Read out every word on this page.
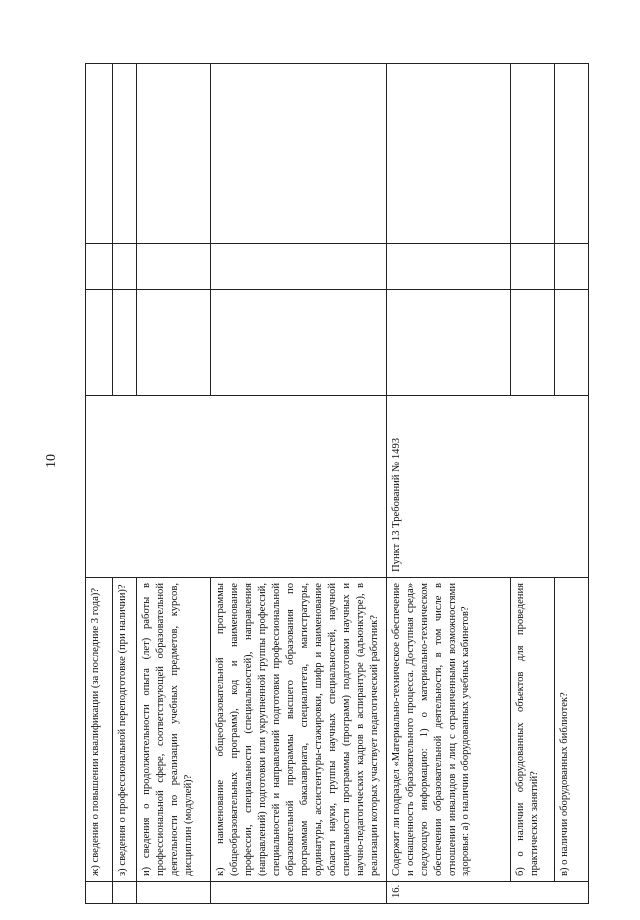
10
	ж) сведения о повышении квалификации (за последние 3 года)?				
	з) сведения о профессиональной переподготовке (при наличии)?				
	и) сведения о продолжительности опыта (лет) работы в профессиональной сфере, соответствующей образовательной деятельности по реализации учебных предметов, курсов, дисциплин (модулей)?				
	к) наименование общеобразовательной программы (общеобразовательных программ), код и наименование профессии, специальности (специальностей), направления (направлений) подготовки или укрупненной группы профессий, специальностей и направлений подготовки профессиональной образовательной программы высшего образования по программам бакалавриата, специалитета, магистратуры, ординатуры, ассистентуры-стажировки, шифр и наименование области науки, группы научных специальностей, научной специальности программы (программ) подготовки научных и научно-педагогических кадров в аспирантуре (адъюнктуре), в реализации которых участвует педагогический работник?				
16.	Содержит ли подраздел «Материально-техническое обеспечение и оснащенность образовательного процесса. Доступная среда» следующую информацию: 1) о материально-техническом обеспечении образовательной деятельности, в том числе в отношении инвалидов и лиц с ограниченными возможностями здоровья: а) о наличии оборудованных учебных кабинетов?	Пункт 13 Требований № 1493			
	б) о наличии оборудованных объектов для проведения практических занятий?				
	в) о наличии оборудованных библиотек?				
